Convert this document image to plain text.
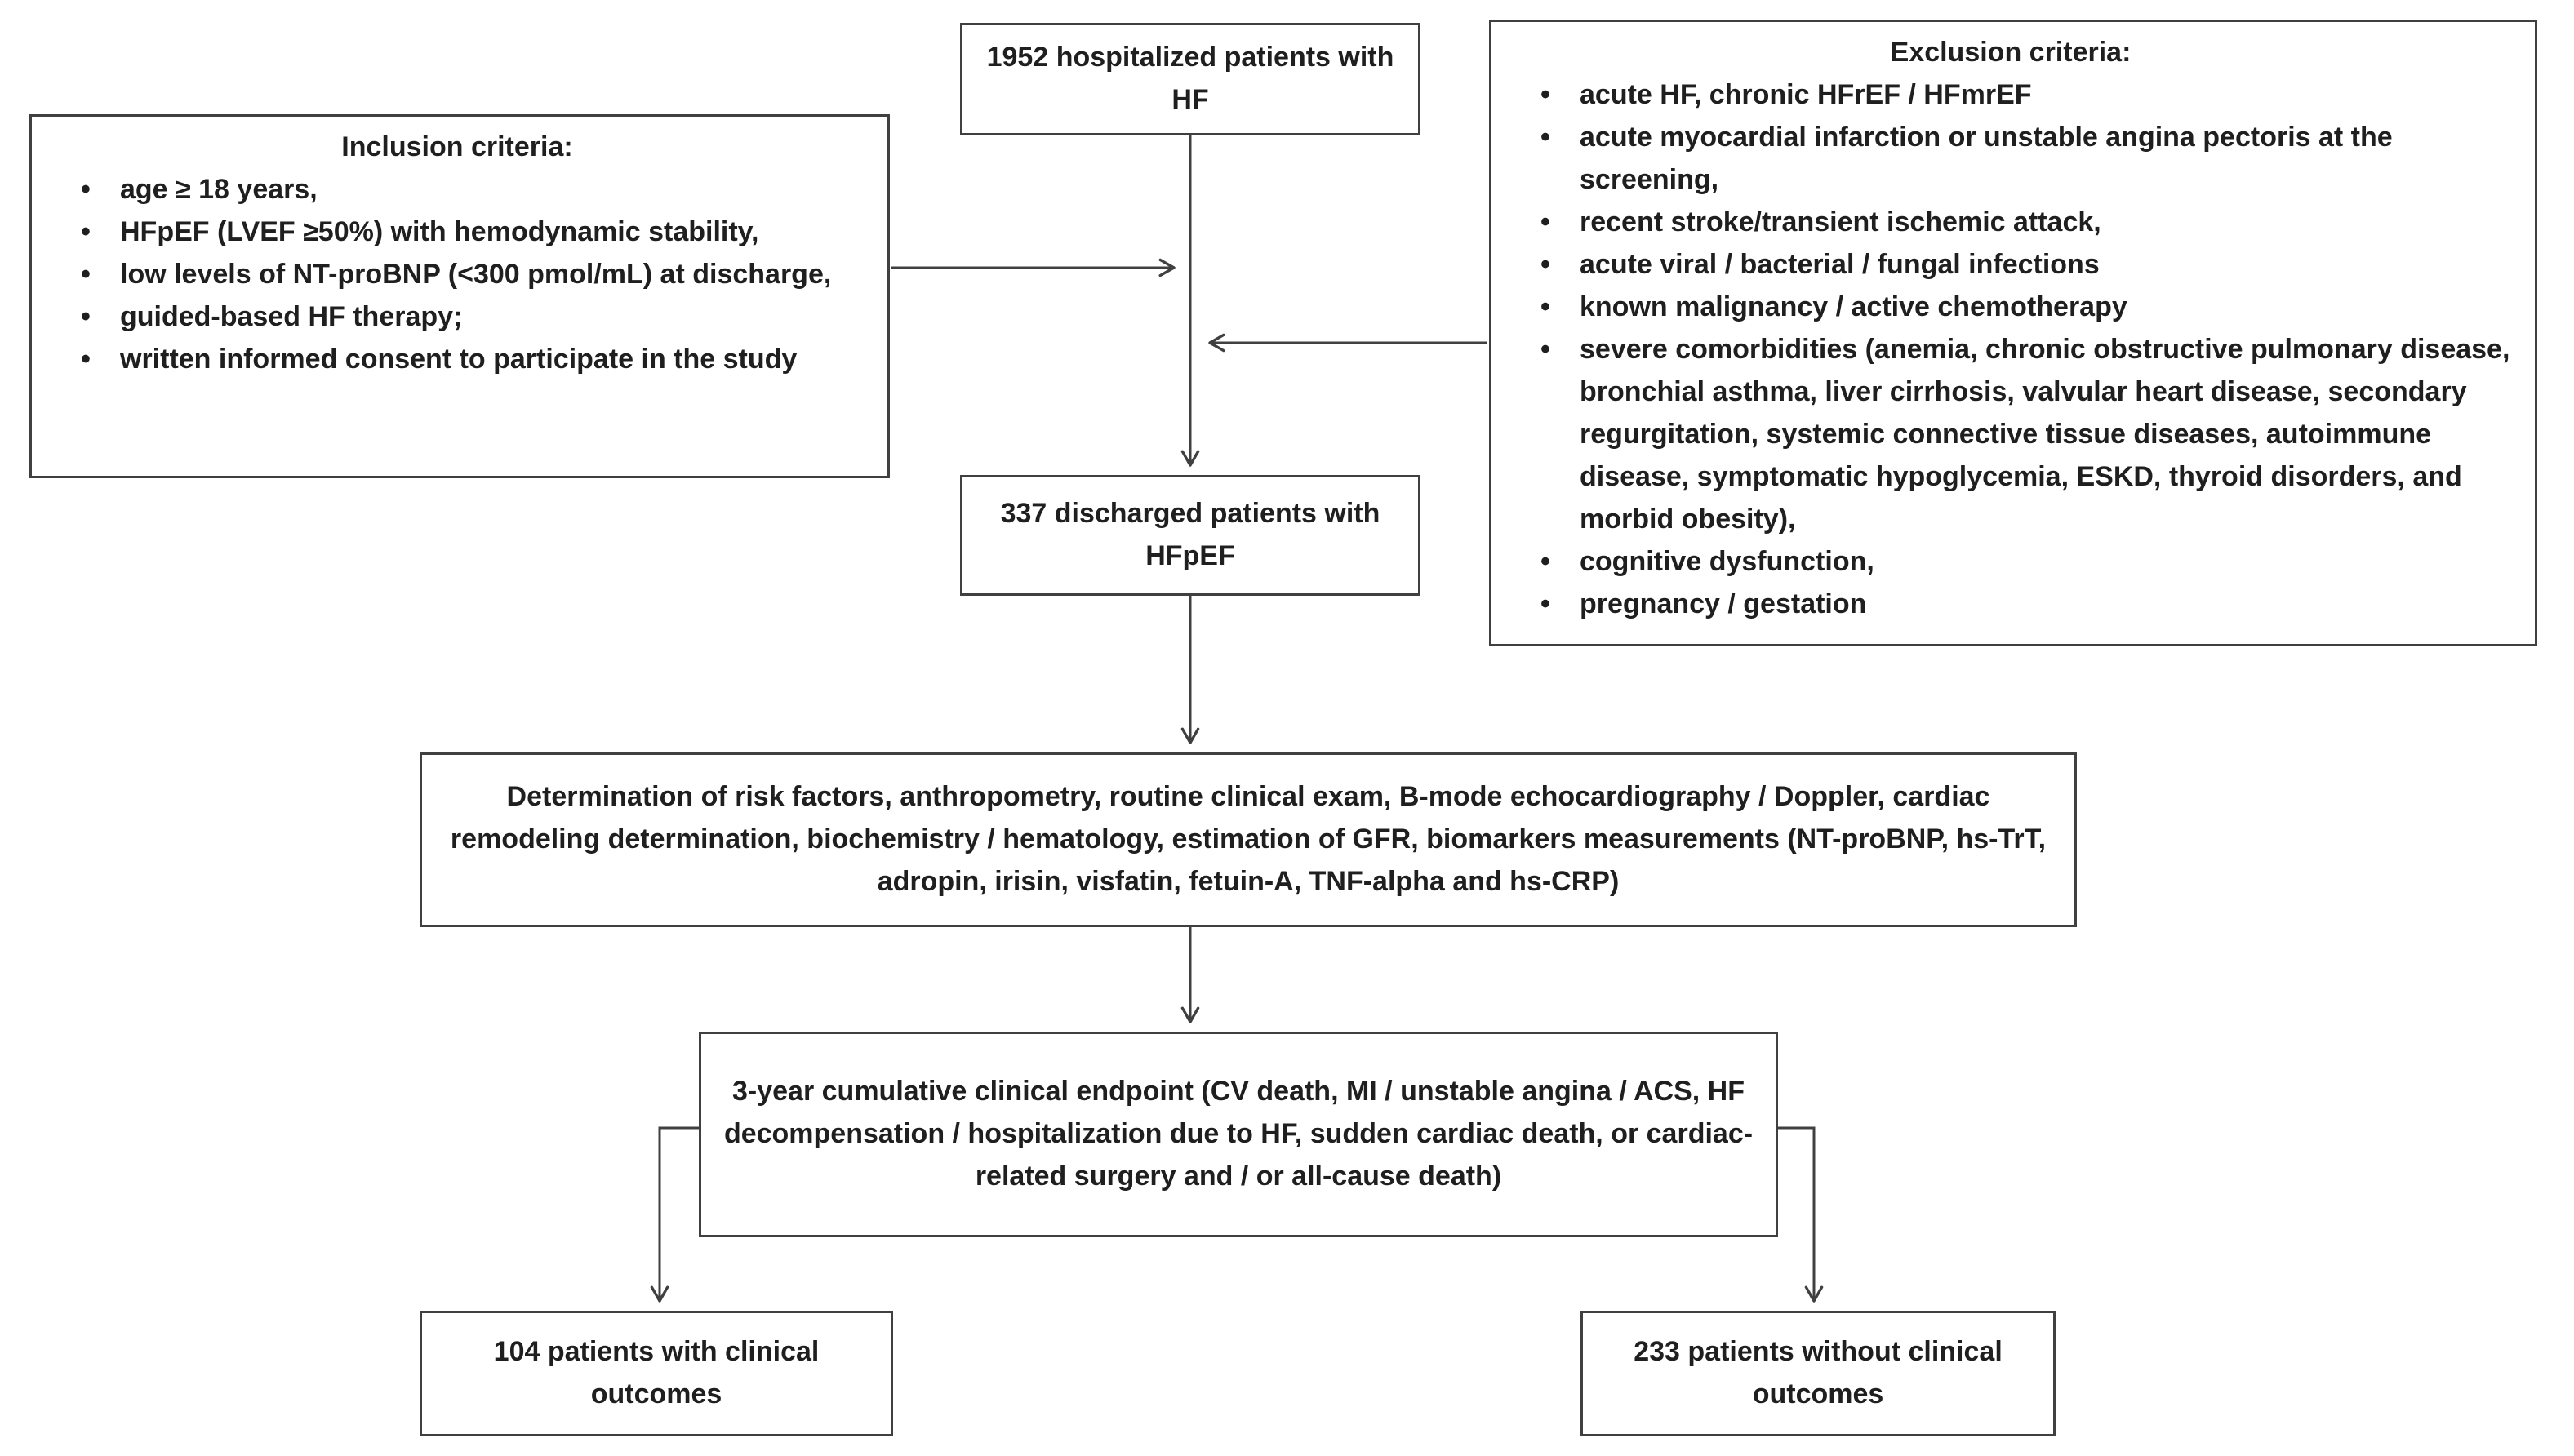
1952 hospitalized patients with HF
Inclusion criteria:
• age ≥ 18 years,
• HFpEF (LVEF ≥50%) with hemodynamic stability,
• low levels of NT-proBNP (<300 pmol/mL) at discharge,
• guided-based HF therapy;
• written informed consent to participate in the study
Exclusion criteria:
• acute HF, chronic HFrEF / HFmrEF
• acute myocardial infarction or unstable angina pectoris at the screening,
• recent stroke/transient ischemic attack,
• acute viral / bacterial / fungal infections
• known malignancy / active chemotherapy
• severe comorbidities (anemia, chronic obstructive pulmonary disease, bronchial asthma, liver cirrhosis, valvular heart disease, secondary regurgitation, systemic connective tissue diseases, autoimmune disease, symptomatic hypoglycemia, ESKD, thyroid disorders, and morbid obesity),
• cognitive dysfunction,
• pregnancy / gestation
337 discharged patients with HFpEF
Determination of risk factors, anthropometry, routine clinical exam, B-mode echocardiography / Doppler, cardiac remodeling determination, biochemistry / hematology, estimation of GFR, biomarkers measurements (NT-proBNP, hs-TrT, adropin, irisin, visfatin, fetuin-A, TNF-alpha and hs-CRP)
3-year cumulative clinical endpoint (CV death, MI / unstable angina / ACS, HF decompensation / hospitalization due to HF, sudden cardiac death, or cardiac-related surgery and / or all-cause death)
104 patients with clinical outcomes
233 patients without clinical outcomes
